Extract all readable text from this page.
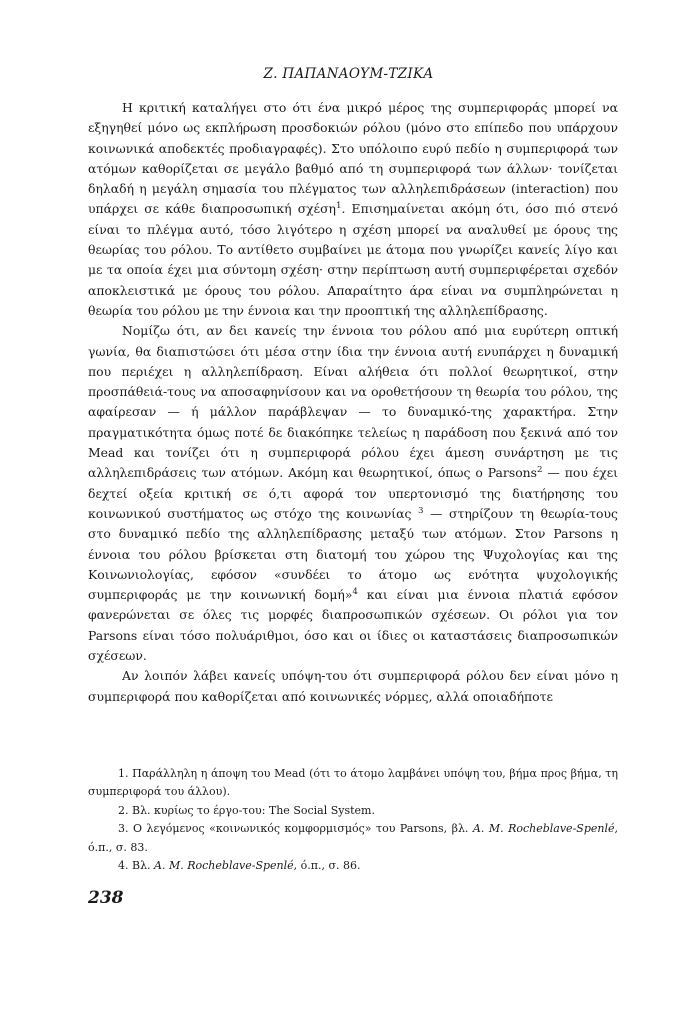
Ζ. ΠΑΠΑΝΑΟΥΜ-ΤΖΙΚΑ

Η κριτική καταλήγει στο ότι ένα μικρό μέρος της συμπεριφοράς μπορεί να εξηγηθεί μόνο ως εκπλήρωση προσδοκιών ρόλου (μόνο στο επίπεδο που υπάρχουν κοινωνικά αποδεκτές προδιαγραφές). Στο υπόλοιπο ευρύ πεδίο η συμπεριφορά των ατόμων καθορίζεται σε μεγάλο βαθμό από τη συμπεριφορά των άλλων· τονίζεται δηλαδή η μεγάλη σημασία του πλέγματος των αλληλεπιδράσεων (interaction) που υπάρχει σε κάθε διαπροσωπική σχέση$^1$. Επισημαίνεται ακόμη ότι, όσο πιό στενό είναι το πλέγμα αυτό, τόσο λιγότερο η σχέση μπορεί να αναλυθεί με όρους της θεωρίας του ρόλου. Το αντίθετο συμβαίνει με άτομα που γνωρίζει κανείς λίγο και με τα οποία έχει μια σύντομη σχέση· στην περίπτωση αυτή συμπεριφέρεται σχεδόν αποκλειστικά με όρους του ρόλου. Απαραίτητο άρα είναι να συμπληρώνεται η θεωρία του ρόλου με την έννοια και την προοπτική της αλληλεπίδρασης.

Νομίζω ότι, αν δει κανείς την έννοια του ρόλου από μια ευρύτερη οπτική γωνία, θα διαπιστώσει ότι μέσα στην ίδια την έννοια αυτή ενυπάρχει η δυναμική που περιέχει η αλληλεπίδραση. Είναι αλήθεια ότι πολλοί θεωρητικοί, στην προσπάθειά-τους να αποσαφηνίσουν και να οροθετήσουν τη θεωρία του ρόλου, της αφαίρεσαν — ή μάλλον παράβλεψαν — το δυναμικό-της χαρακτήρα. Στην πραγματικότητα όμως ποτέ δε διακόπηκε τελείως η παράδοση που ξεκινά από τον Mead και τονίζει ότι η συμπεριφορά ρόλου έχει άμεση συνάρτηση με τις αλληλεπιδράσεις των ατόμων. Ακόμη και θεωρητικοί, όπως ο Parsons$^2$ — που έχει δεχτεί οξεία κριτική σε ό,τι αφορά τον υπερτονισμό της διατήρησης του κοινωνικού συστήματος ως στόχο της κοινωνίας $^3$ — στηρίζουν τη θεωρία-τους στο δυναμικό πεδίο της αλληλεπίδρασης μεταξύ των ατόμων. Στον Parsons η έννοια του ρόλου βρίσκεται στη διατομή του χώρου της Ψυχολογίας και της Κοινωνιολογίας, εφόσον «συνδέει το άτομο ως ενότητα ψυχολογικής συμπεριφοράς με την κοινωνική δομή»$^4$ και είναι μια έννοια πλατιά εφόσον φανερώνεται σε όλες τις μορφές διαπροσωπικών σχέσεων. Οι ρόλοι για τον Parsons είναι τόσο πολυάριθμοι, όσο και οι ίδιες οι καταστάσεις διαπροσωπικών σχέσεων.

Αν λοιπόν λάβει κανείς υπόψη-του ότι συμπεριφορά ρόλου δεν είναι μόνο η συμπεριφορά που καθορίζεται από κοινωνικές νόρμες, αλλά οποιαδήποτε

1. Παράλληλη η άποψη του Mead (ότι το άτομο λαμβάνει υπόψη του, βήμα προς βήμα, τη συμπεριφορά του άλλου).

2. Βλ. κυρίως το έργο-του: The Social System.

3. Ο λεγόμενος «κοινωνικός κομφορμισμός» του Parsons, βλ. A. M. Rocheblave-Spenlé, ό.π., σ. 83.

4. Βλ. A. M. Rocheblave-Spenlé, ό.π., σ. 86.

238
